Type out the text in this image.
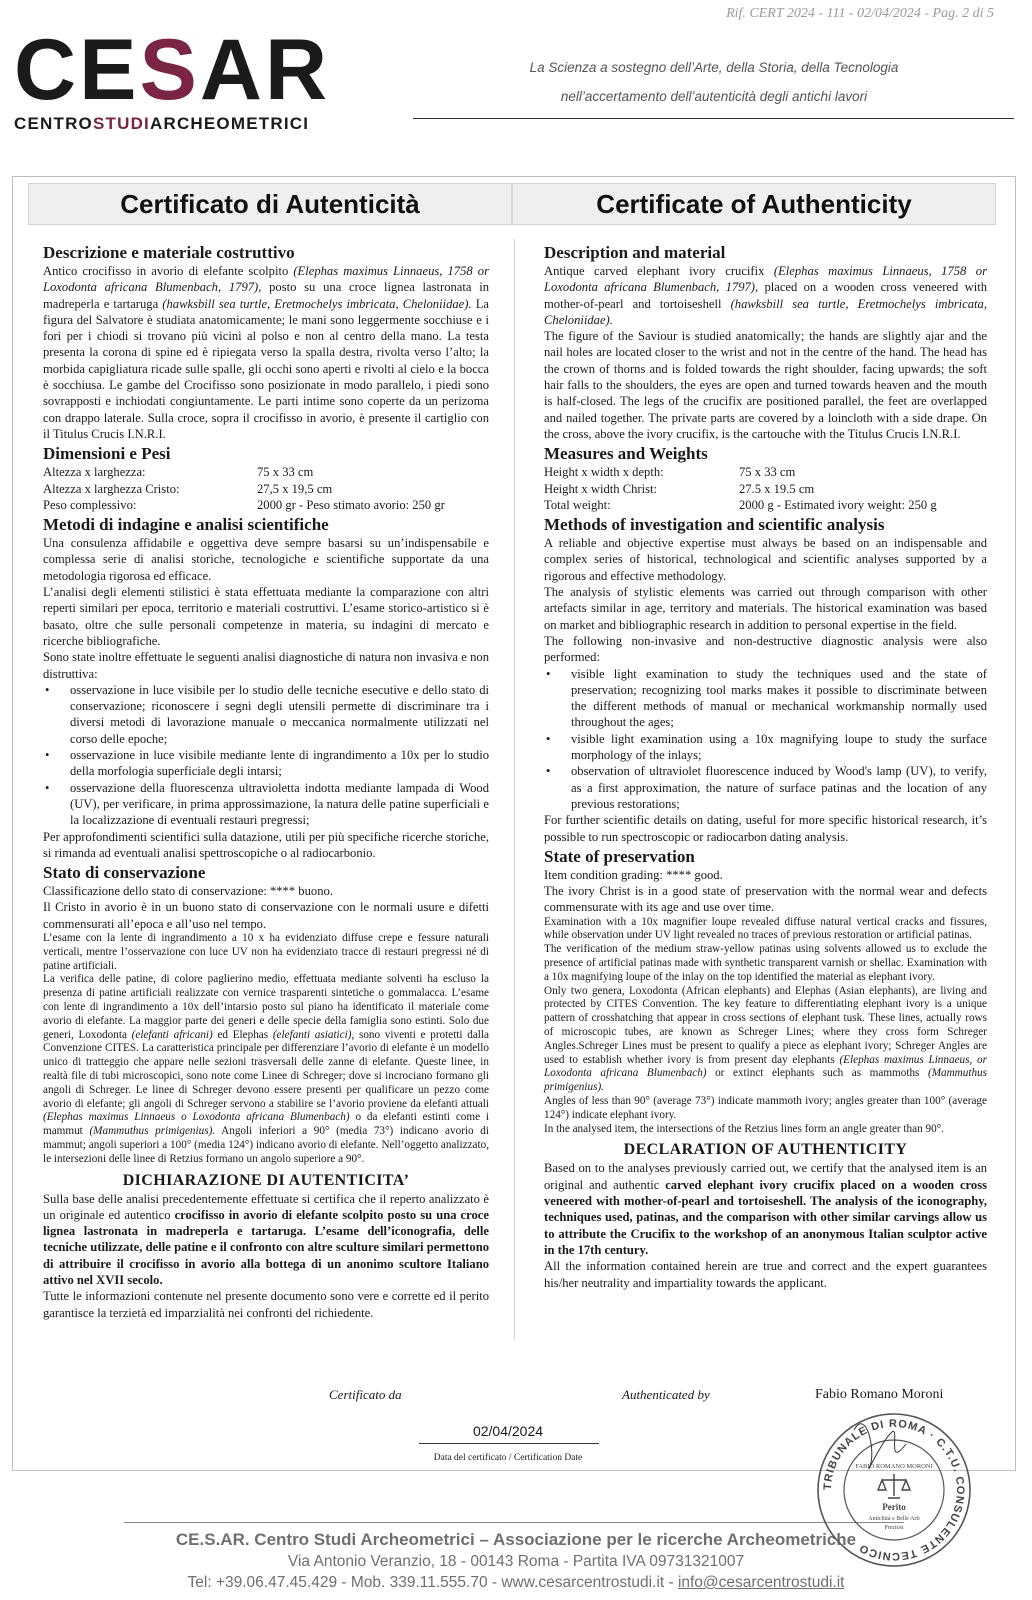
Rif. CERT 2024 - 111 - 02/04/2024 - Pag. 2 di 5
CESAR
CENTROSTUDIARCHEOMETRICI
La Scienza a sostegno dell’Arte, della Storia, della Tecnologia
nell’accertamento dell’autenticità degli antichi lavori
Certificato di Autenticità	Certificate of Authenticity
Descrizione e materiale costruttivo

Antico crocifisso in avorio di elefante scolpito (Elephas maximus Linnaeus, 1758 or Loxodonta africana Blumenbach, 1797), posto su una croce lignea lastronata in madreperla e tartaruga (hawksbill sea turtle, Eretmochelys imbricata, Cheloniidae). La figura del Salvatore è studiata anatomicamente; le mani sono leggermente socchiuse e i fori per i chiodi si trovano più vicini al polso e non al centro della mano. La testa presenta la corona di spine ed è ripiegata verso la spalla destra, rivolta verso l’alto; la morbida capigliatura ricade sulle spalle, gli occhi sono aperti e rivolti al cielo e la bocca è socchiusa. Le gambe del Crocifisso sono posizionate in modo parallelo, i piedi sono sovrapposti e inchiodati congiuntamente. Le parti intime sono coperte da un perizoma con drappo laterale. Sulla croce, sopra il crocifisso in avorio, è presente il cartiglio con il Titulus Crucis I.N.R.I.

Dimensioni e Pesi
Altezza x larghezza:	75 x 33 cm
Altezza x larghezza Cristo:	27,5 x 19,5 cm
Peso complessivo:	2000 gr - Peso stimato avorio: 250 gr
Metodi di indagine e analisi scientifiche

Una consulenza affidabile e oggettiva deve sempre basarsi su un’indispensabile e complessa serie di analisi storiche, tecnologiche e scientifiche supportate da una metodologia rigorosa ed efficace.

L’analisi degli elementi stilistici è stata effettuata mediante la comparazione con altri reperti similari per epoca, territorio e materiali costruttivi. L’esame storico-artistico si è basato, oltre che sulle personali competenze in materia, su indagini di mercato e ricerche bibliografiche.

Sono state inoltre effettuate le seguenti analisi diagnostiche di natura non invasiva e non distruttiva:

• osservazione in luce visibile per lo studio delle tecniche esecutive e dello stato di conservazione; riconoscere i segni degli utensili permette di discriminare tra i diversi metodi di lavorazione manuale o meccanica normalmente utilizzati nel corso delle epoche;
• osservazione in luce visibile mediante lente di ingrandimento a 10x per lo studio della morfologia superficiale degli intarsi;
• osservazione della fluorescenza ultravioletta indotta mediante lampada di Wood (UV), per verificare, in prima approssimazione, la natura delle patine superficiali e la localizzazione di eventuali restauri pregressi;

Per approfondimenti scientifici sulla datazione, utili per più specifiche ricerche storiche, si rimanda ad eventuali analisi spettroscopiche o al radiocarbonio.

Stato di conservazione

Classificazione dello stato di conservazione: **** buono.

Il Cristo in avorio è in un buono stato di conservazione con le normali usure e difetti commensurati all’epoca e all’uso nel tempo.

L’esame con la lente di ingrandimento a 10 x ha evidenziato diffuse crepe e fessure naturali verticali, mentre l’osservazione con luce UV non ha evidenziato tracce di restauri pregressi né di patine artificiali.

La verifica delle patine, di colore paglierino medio, effettuata mediante solventi ha escluso la presenza di patine artificiali realizzate con vernice trasparenti sintetiche o gommalacca. L’esame con lente di ingrandimento a 10x dell’intarsio posto sul piano ha identificato il materiale come avorio di elefante. La maggior parte dei generi e delle specie della famiglia sono estinti. Solo due generi, Loxodonta (elefanti africani) ed Elephas (elefanti asiatici), sono viventi e protetti dalla Convenzione CITES. La caratteristica principale per differenziare l’avorio di elefante è un modello unico di tratteggio che appare nelle sezioni trasversali delle zanne di elefante. Queste linee, in realtà file di tubi microscopici, sono note come Linee di Schreger; dove si incrociano formano gli angoli di Schreger. Le linee di Schreger devono essere presenti per qualificare un pezzo come avorio di elefante; gli angoli di Schreger servono a stabilire se l’avorio proviene da elefanti attuali (Elephas maximus Linnaeus o Loxodonta africana Blumenbach) o da elefanti estinti come i mammut (Mammuthus primigenius). Angoli inferiori a 90° (media 73°) indicano avorio di mammut; angoli superiori a 100° (media 124°) indicano avorio di elefante. Nell’oggetto analizzato, le intersezioni delle linee di Retzius formano un angolo superiore a 90°.

DICHIARAZIONE DI AUTENTICITA’

Sulla base delle analisi precedentemente effettuate si certifica che il reperto analizzato è un originale ed autentico crocifisso in avorio di elefante scolpito posto su una croce lignea lastronata in madreperla e tartaruga. L’esame dell’iconografia, delle tecniche utilizzate, delle patine e il confronto con altre sculture similari permettono di attribuire il crocifisso in avorio alla bottega di un anonimo scultore Italiano attivo nel XVII secolo.

Tutte le informazioni contenute nel presente documento sono vere e corrette ed il perito garantisce la terzietà ed imparzialità nei confronti del richiedente.

Description and material

Antique carved elephant ivory crucifix (Elephas maximus Linnaeus, 1758 or Loxodonta africana Blumenbach, 1797), placed on a wooden cross veneered with mother-of-pearl and tortoiseshell (hawksbill sea turtle, Eretmochelys imbricata, Cheloniidae).

The figure of the Saviour is studied anatomically; the hands are slightly ajar and the nail holes are located closer to the wrist and not in the centre of the hand. The head has the crown of thorns and is folded towards the right shoulder, facing upwards; the soft hair falls to the shoulders, the eyes are open and turned towards heaven and the mouth is half-closed. The legs of the crucifix are positioned parallel, the feet are overlapped and nailed together. The private parts are covered by a loincloth with a side drape. On the cross, above the ivory crucifix, is the cartouche with the Titulus Crucis I.N.R.I.

Measures and Weights
Height x width x depth:	75 x 33 cm
Height x width Christ:	27.5 x 19.5 cm
Total weight:	2000 g - Estimated ivory weight: 250 g
Methods of investigation and scientific analysis

A reliable and objective expertise must always be based on an indispensable and complex series of historical, technological and scientific analyses supported by a rigorous and effective methodology.

The analysis of stylistic elements was carried out through comparison with other artefacts similar in age, territory and materials. The historical examination was based on market and bibliographic research in addition to personal expertise in the field.

The following non-invasive and non-destructive diagnostic analysis were also performed:

• visible light examination to study the techniques used and the state of preservation; recognizing tool marks makes it possible to discriminate between the different methods of manual or mechanical workmanship normally used throughout the ages;
• visible light examination using a 10x magnifying loupe to study the surface morphology of the inlays;
• observation of ultraviolet fluorescence induced by Wood's lamp (UV), to verify, as a first approximation, the nature of surface patinas and the location of any previous restorations;

For further scientific details on dating, useful for more specific historical research, it’s possible to run spectroscopic or radiocarbon dating analysis.

State of preservation

Item condition grading: **** good.

The ivory Christ is in a good state of preservation with the normal wear and defects commensurate with its age and use over time.

Examination with a 10x magnifier loupe revealed diffuse natural vertical cracks and fissures, while observation under UV light revealed no traces of previous restoration or artificial patinas.

The verification of the medium straw-yellow patinas using solvents allowed us to exclude the presence of artificial patinas made with synthetic transparent varnish or shellac. Examination with a 10x magnifying loupe of the inlay on the top identified the material as elephant ivory.

Only two genera, Loxodonta (African elephants) and Elephas (Asian elephants), are living and protected by CITES Convention. The key feature to differentiating elephant ivory is a unique pattern of crosshatching that appear in cross sections of elephant tusk. These lines, actually rows of microscopic tubes, are known as Schreger Lines; where they cross form Schreger Angles.Schreger Lines must be present to qualify a piece as elephant ivory; Schreger Angles are used to establish whether ivory is from present day elephants (Elephas maximus Linnaeus, or Loxodonta africana Blumenbach) or extinct elephants such as mammoths (Mammuthus primigenius).

Angles of less than 90° (average 73°) indicate mammoth ivory; angles greater than 100° (average 124°) indicate elephant ivory.

In the analysed item, the intersections of the Retzius lines form an angle greater than 90°.

DECLARATION OF AUTHENTICITY

Based on to the analyses previously carried out, we certify that the analysed item is an original and authentic carved elephant ivory crucifix placed on a wooden cross veneered with mother-of-pearl and tortoiseshell. The analysis of the iconography, techniques used, patinas, and the comparison with other similar carvings allow us to attribute the Crucifix to the workshop of an anonymous Italian sculptor active in the 17th century.

All the information contained herein are true and correct and the expert guarantees his/her neutrality and impartiality towards the applicant.

Certificato da	Authenticated by	Fabio Romano Moroni
02/04/2024
Data del certificato / Certification Date
CE.S.AR. Centro Studi Archeometrici – Associazione per le ricerche Archeometriche
Via Antonio Veranzio, 18 - 00143 Roma - Partita IVA 09731321007
Tel: +39.06.47.45.429 - Mob. 339.11.555.70 - www.cesarcentrostudi.it - info@cesarcentrostudi.it
TRIBUNALE DI ROMA · C.T.U. CONSULENTE TECNICO
FABIO ROMANO MORONI
Perito
Antichità e Belle Arti
Preziosi
